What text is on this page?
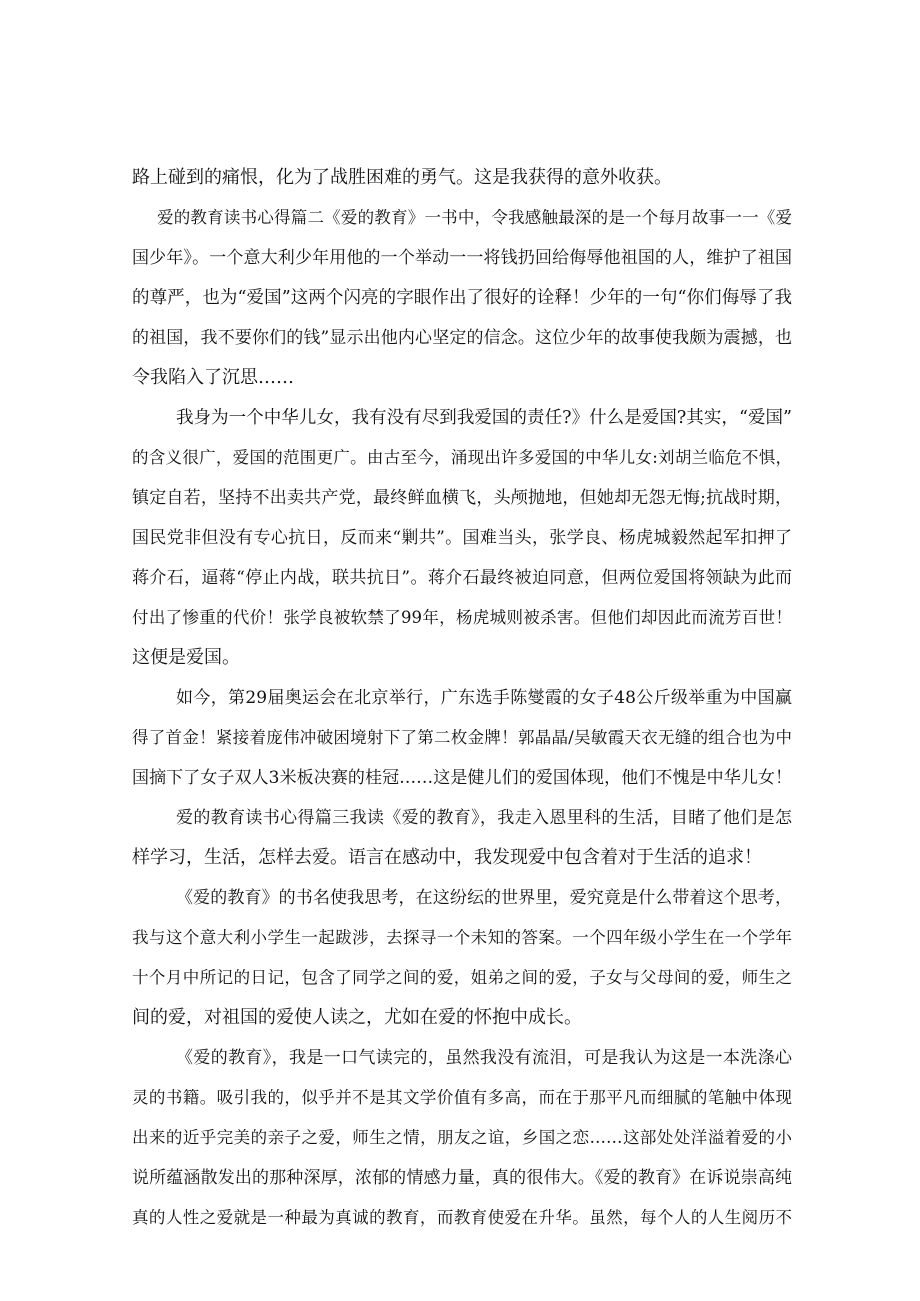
路上碰到的痛恨，化为了战胜困难的勇气。这是我获得的意外收获。
爱的教育读书心得篇二《爱的教育》一书中，令我感触最深的是一个每月故事一一《爱
国少年》。一个意大利少年用他的一个举动一一将钱扔回给侮辱他祖国的人，维护了祖国
的尊严，也为“爱国”这两个闪亮的字眼作出了很好的诠释！少年的一句“你们侮辱了我
的祖国，我不要你们的钱”显示出他内心坚定的信念。这位少年的故事使我颇为震撼，也
令我陷入了沉思……
我身为一个中华儿女，我有没有尽到我爱国的责任?》什么是爱国?其实，“爱国”
的含义很广，爱国的范围更广。由古至今，涌现出许多爱国的中华儿女:刘胡兰临危不惧，
镇定自若，坚持不出卖共产党，最终鲜血横飞，头颅抛地，但她却无怨无悔;抗战时期，
国民党非但没有专心抗日，反而来“剿共”。国难当头，张学良、杨虎城毅然起军扣押了
蒋介石，逼蒋“停止内战，联共抗日”。蒋介石最终被迫同意，但两位爱国将领缺为此而
付出了惨重的代价！张学良被软禁了99年，杨虎城则被杀害。但他们却因此而流芳百世！
这便是爱国。
如今，第29届奥运会在北京举行，广东选手陈燮霞的女子48公斤级举重为中国赢
得了首金！紧接着庞伟冲破困境射下了第二枚金牌！郭晶晶/吴敏霞天衣无缝的组合也为中
国摘下了女子双人3米板决赛的桂冠……这是健儿们的爱国体现，他们不愧是中华儿女！
爱的教育读书心得篇三我读《爱的教育》，我走入恩里科的生活，目睹了他们是怎
样学习，生活，怎样去爱。语言在感动中，我发现爱中包含着对于生活的追求！
《爱的教育》的书名使我思考，在这纷纭的世界里，爱究竟是什么带着这个思考，
我与这个意大利小学生一起跋涉，去探寻一个未知的答案。一个四年级小学生在一个学年
十个月中所记的日记，包含了同学之间的爱，姐弟之间的爱，子女与父母间的爱，师生之
间的爱，对祖国的爱使人读之，尤如在爱的怀抱中成长。
《爱的教育》，我是一口气读完的，虽然我没有流泪，可是我认为这是一本洗涤心
灵的书籍。吸引我的，似乎并不是其文学价值有多高，而在于那平凡而细腻的笔触中体现
出来的近乎完美的亲子之爱，师生之情，朋友之谊，乡国之恋……这部处处洋溢着爱的小
说所蕴涵散发出的那种深厚，浓郁的情感力量，真的很伟大。《爱的教育》在诉说崇高纯
真的人性之爱就是一种最为真诚的教育，而教育使爱在升华。虽然，每个人的人生阅历不
